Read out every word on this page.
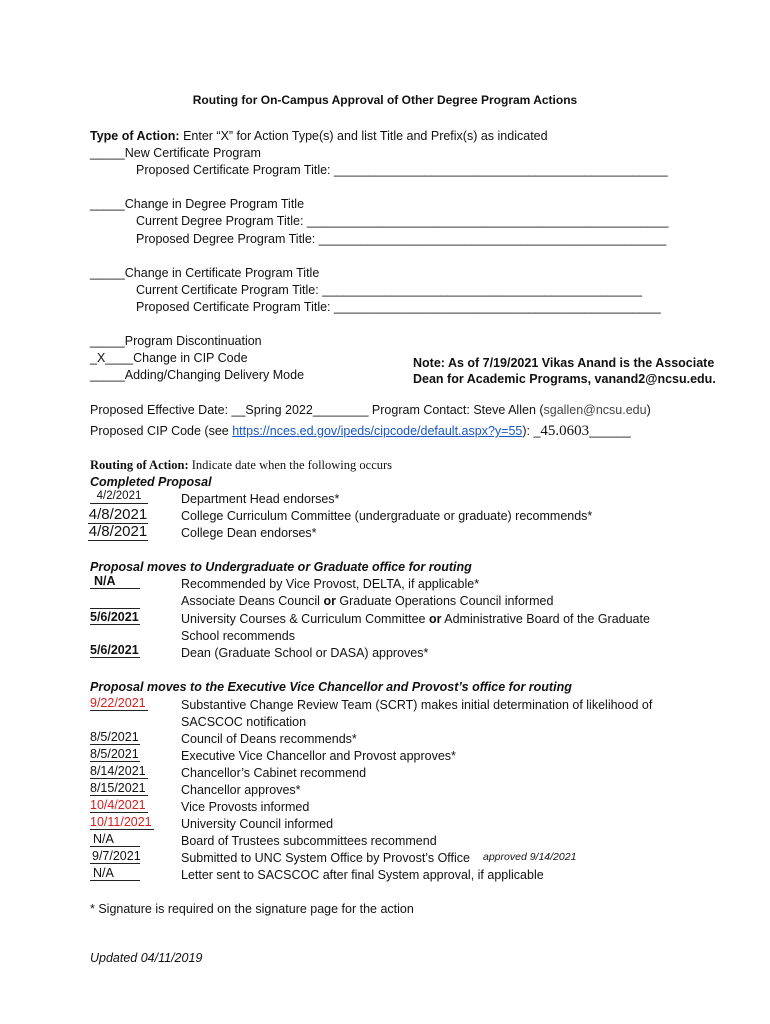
Routing for On-Campus Approval of Other Degree Program Actions
Type of Action: Enter “X” for Action Type(s) and list Title and Prefix(s) as indicated
_____New Certificate Program
Proposed Certificate Program Title: ________________________________________________
_____Change in Degree Program Title
Current Degree Program Title: ____________________________________________________
Proposed Degree Program Title: __________________________________________________
_____Change in Certificate Program Title
Current Certificate Program Title: ______________________________________________
Proposed Certificate Program Title: _______________________________________________
_____Program Discontinuation
_X____Change in CIP Code
_____Adding/Changing Delivery Mode
Note: As of 7/19/2021 Vikas Anand is the Associate
Dean for Academic Programs, vanand2@ncsu.edu.
Proposed Effective Date: __Spring 2022________ Program Contact: Steve Allen (sgallen@ncsu.edu)
Proposed CIP Code (see https://nces.ed.gov/ipeds/cipcode/default.aspx?y=55): _45.0603______
Routing of Action: Indicate date when the following occurs
Completed Proposal
4/2/2021	Department Head endorses*
4/8/2021	College Curriculum Committee (undergraduate or graduate) recommends*
4/8/2021	College Dean endorses*
Proposal moves to Undergraduate or Graduate office for routing
N/A	Recommended by Vice Provost, DELTA, if applicable*
Associate Deans Council or Graduate Operations Council informed
5/6/2021	University Courses & Curriculum Committee or Administrative Board of the Graduate
School recommends
5/6/2021	Dean (Graduate School or DASA) approves*
Proposal moves to the Executive Vice Chancellor and Provost’s office for routing
9/22/2021	Substantive Change Review Team (SCRT) makes initial determination of likelihood of
SACSCOC notification
8/5/2021	Council of Deans recommends*
8/5/2021	Executive Vice Chancellor and Provost approves*
8/14/2021	Chancellor’s Cabinet recommend
8/15/2021	Chancellor approves*
10/4/2021	Vice Provosts informed
10/11/2021 University Council informed
N/A	Board of Trustees subcommittees recommend
9/7/2021	Submitted to UNC System Office by Provost’s Office approved 9/14/2021
N/A	Letter sent to SACSCOC after final System approval, if applicable
* Signature is required on the signature page for the action
Updated 04/11/2019
